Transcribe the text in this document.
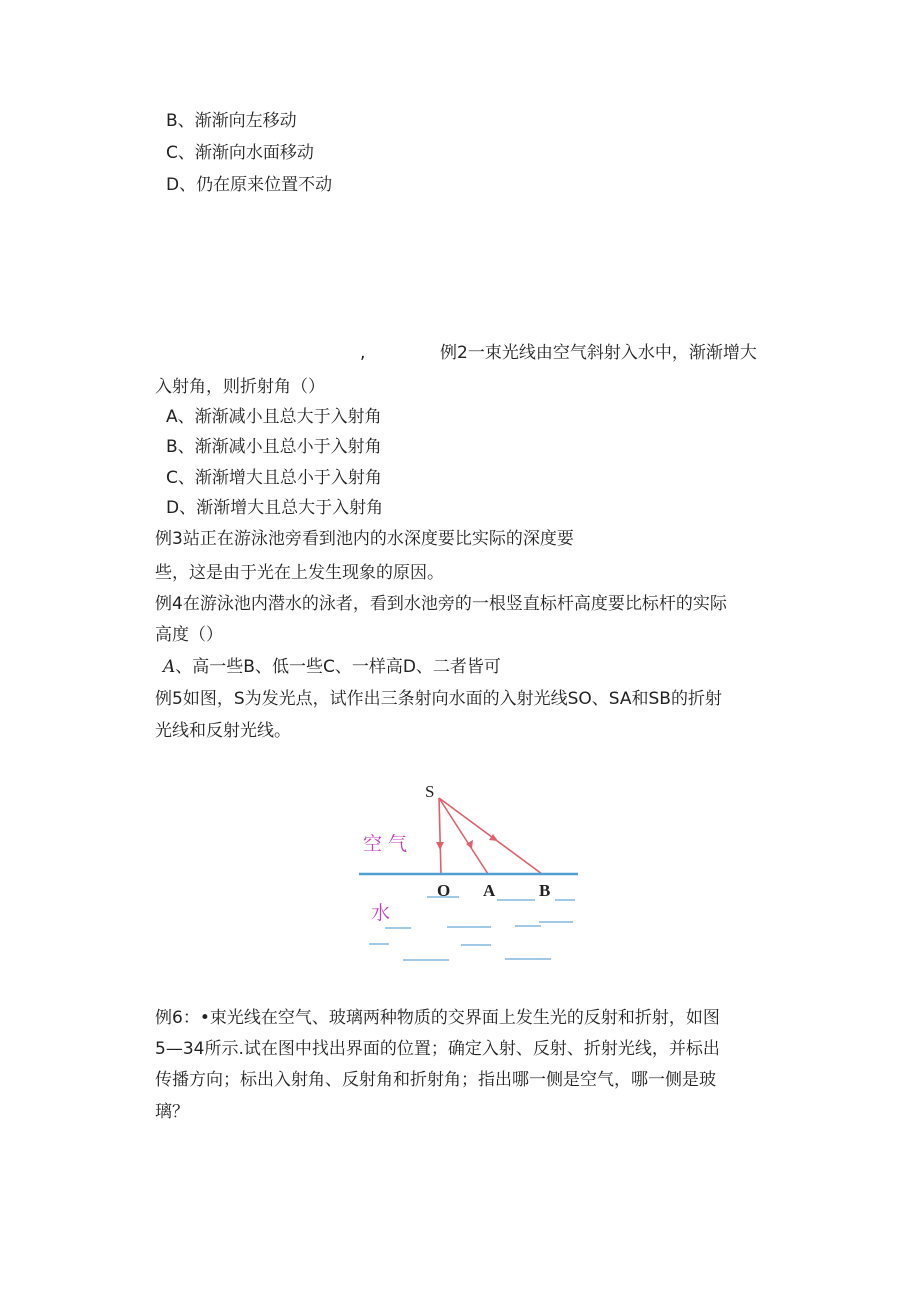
B、渐渐向左移动
C、渐渐向水面移动
D、仍在原来位置不动
,	例2一束光线由空气斜射入水中，渐渐增大
入射角，则折射角（）
A、渐渐减小且总大于入射角
B、渐渐减小且总小于入射角
C、渐渐增大且总小于入射角
D、渐渐增大且总大于入射角
例3站正在游泳池旁看到池内的水深度要比实际的深度要
些，这是由于光在上发生现象的原因。
例4在游泳池内潜水的泳者，看到水池旁的一根竖直标杆高度要比标杆的实际
高度（）
A、高一些B、低一些C、一样高D、二者皆可
例5如图，S为发光点，试作出三条射向水面的入射光线SO、SA和SB的折射
光线和反射光线。
S
空 气
O A	B
水
例6：•束光线在空气、玻璃两种物质的交界面上发生光的反射和折射，如图
5—34所示.试在图中找出界面的位置；确定入射、反射、折射光线，并标出
传播方向；标出入射角、反射角和折射角；指出哪一侧是空气，哪一侧是玻
璃？
